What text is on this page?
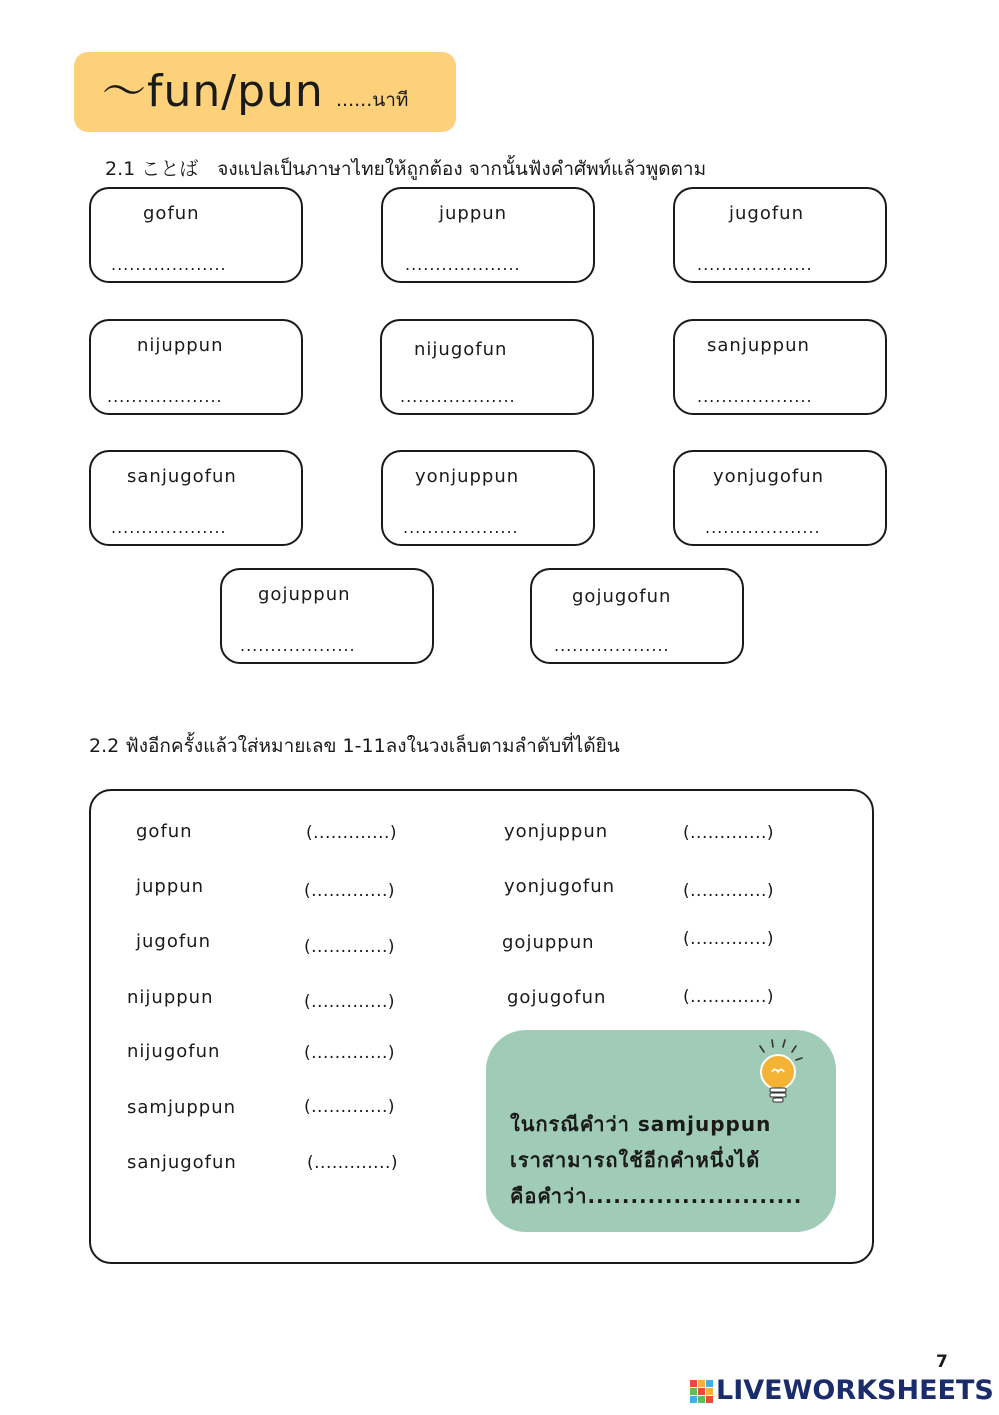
～fun/pun ......นาที
2.1 ことば　จงแปลเป็นภาษาไทยให้ถูกต้อง จากนั้นฟังคำศัพท์แล้วพูดตาม
gofun
...................
juppun
...................
jugofun
...................
nijuppun
...................
nijugofun
...................
sanjuppun
...................
sanjugofun
...................
yonjuppun
...................
yonjugofun
...................
gojuppun
...................
gojugofun
...................
2.2 ฟังอีกครั้งแล้วใส่หมายเลข 1-11ลงในวงเล็บตามลำดับที่ได้ยิน
gofun	(.............)
juppun	(.............)
jugofun	(.............)
nijuppun	(.............)
nijugofun	(.............)
samjuppun	(.............)
sanjugofun	(.............)
yonjuppun	(.............)
yonjugofun	(.............)
gojuppun	(.............)
gojugofun	(.............)
ในกรณีคำว่า samjuppun
เราสามารถใช้อีกคำหนึ่งได้
คือคำว่า.........................
7
LIVEWORKSHEETS
